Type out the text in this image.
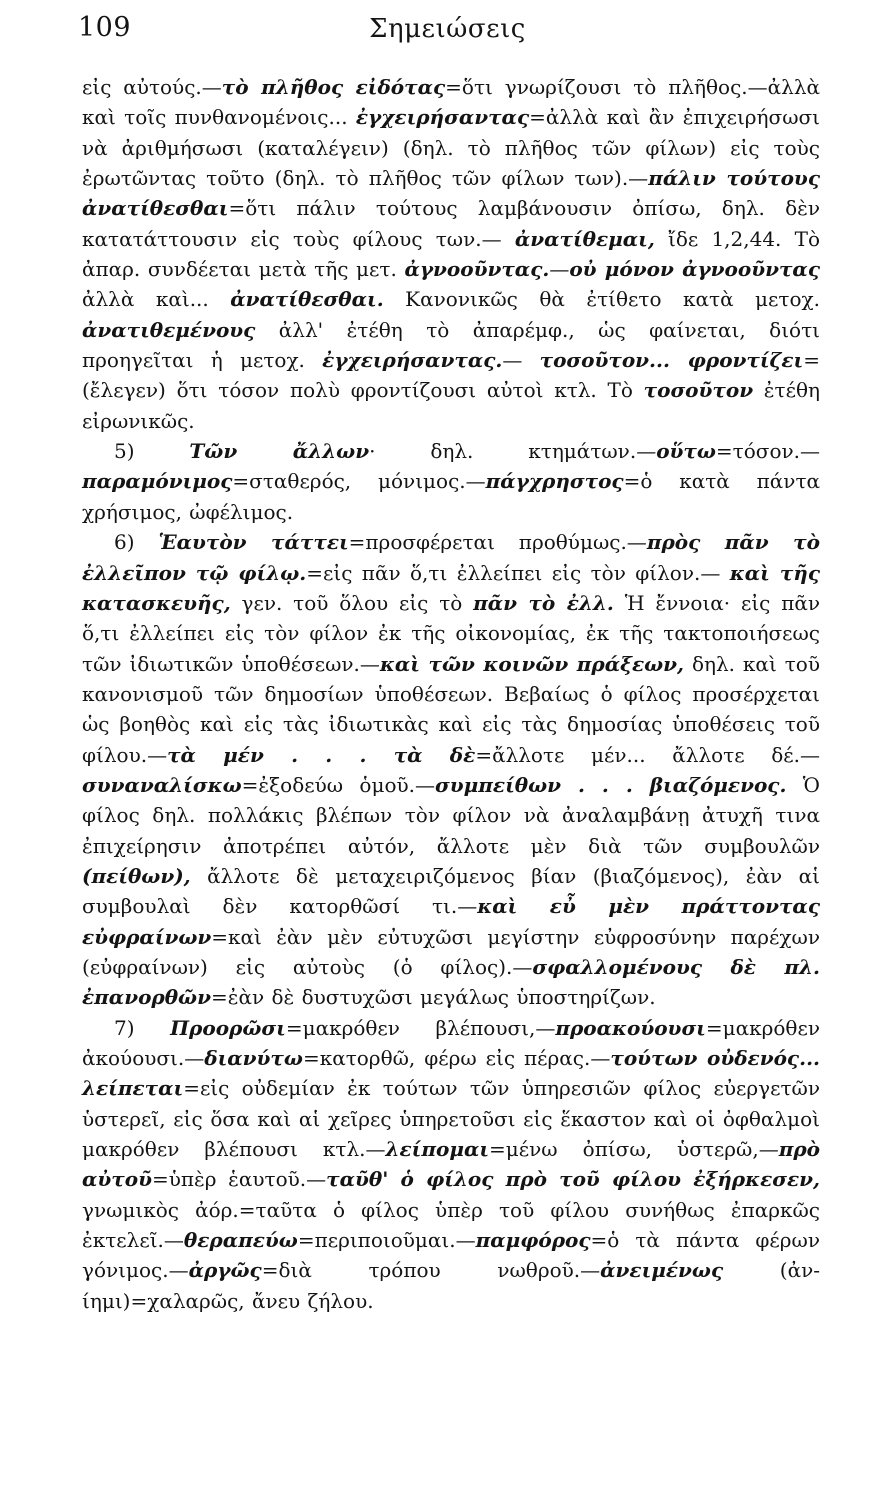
109	Σημειώσεις

εἰς αὐτούς.—τὸ πλῆθος εἰδότας=ὅτι γνωρίζουσι τὸ πλῆθος.—ἀλλὰ καὶ τοῖς πυνθανομένοις... ἐγχειρήσαντας=ἀλλὰ καὶ ἂν ἐπιχειρήσωσι νὰ ἀριθμήσωσι (καταλέγειν) (δηλ. τὸ πλῆθος τῶν φίλων) εἰς τοὺς ἐρωτῶντας τοῦτο (δηλ. τὸ πλῆθος τῶν φίλων των).—πάλιν τούτους ἀνατίθεσθαι=ὅτι πάλιν τούτους λαμβάνουσιν ὀπίσω, δηλ. δὲν κατατάττουσιν εἰς τοὺς φίλους των.— ἀνατίθεμαι, ἴδε 1,2,44. Τὸ ἀπαρ. συνδέεται μετὰ τῆς μετ. ἀγνοοῦντας.—οὐ μόνον ἀγνοοῦντας ἀλλὰ καὶ... ἀνατίθεσθαι. Κανονικῶς θὰ ἐτίθετο κατὰ μετοχ. ἀνατιθεμένους ἀλλ' ἐτέθη τὸ ἀπαρέμφ., ὡς φαίνεται, διότι προηγεῖται ἡ μετοχ. ἐγχειρήσαντας.— τοσοῦτον... φροντίζει=(ἔλεγεν) ὅτι τόσον πολὺ φροντίζουσι αὐτοὶ κτλ. Τὸ τοσοῦτον ἐτέθη εἰρωνικῶς.

5) Τῶν ἄλλων· δηλ. κτημάτων.—οὕτω=τόσον.— παραμόνιμος=σταθερός, μόνιμος.—πάγχρηστος=ὁ κατὰ πάντα χρήσιμος, ὠφέλιμος.

6) Ἑαυτὸν τάττει=προσφέρεται προθύμως.—πρὸς πᾶν τὸ ἐλλεῖπον τῷ φίλῳ.=εἰς πᾶν ὅ,τι ἐλλείπει εἰς τὸν φίλον.— καὶ τῆς κατασκευῆς, γεν. τοῦ ὅλου εἰς τὸ πᾶν τὸ ἐλλ. Ἡ ἔννοια· εἰς πᾶν ὅ,τι ἐλλείπει εἰς τὸν φίλον ἐκ τῆς οἰκονομίας, ἐκ τῆς τακτοποιήσεως τῶν ἰδιωτικῶν ὑποθέσεων.—καὶ τῶν κοινῶν πράξεων, δηλ. καὶ τοῦ κανονισμοῦ τῶν δημοσίων ὑποθέσεων. Βεβαίως ὁ φίλος προσέρχεται ὡς βοηθὸς καὶ εἰς τὰς ἰδιωτικὰς καὶ εἰς τὰς δημοσίας ὑποθέσεις τοῦ φίλου.—τὰ μέν . . . τὰ δὲ=ἄλλοτε μέν... ἄλλοτε δέ.—συναναλίσκω=ἐξοδεύω ὁμοῦ.—συμπείθων . . . βιαζόμενος. Ὁ φίλος δηλ. πολλάκις βλέπων τὸν φίλον νὰ ἀναλαμβάνῃ ἀτυχῆ τινα ἐπιχείρησιν ἀποτρέπει αὐτόν, ἄλλοτε μὲν διὰ τῶν συμβουλῶν (πείθων), ἄλλοτε δὲ μεταχειριζόμενος βίαν (βιαζόμενος), ἐὰν αἱ συμβουλαὶ δὲν κατορθῶσί τι.—καὶ εὖ μὲν πράττοντας εὐφραίνων=καὶ ἐὰν μὲν εὐτυχῶσι μεγίστην εὐφροσύνην παρέχων (εὐφραίνων) εἰς αὐτοὺς (ὁ φίλος).—σφαλλομένους δὲ πλ. ἐπανορθῶν=ἐὰν δὲ δυστυχῶσι μεγάλως ὑποστηρίζων.

7) Προορῶσι=μακρόθεν βλέπουσι,—προακούουσι=μακρόθεν ἀκούουσι.—διανύτω=κατορθῶ, φέρω εἰς πέρας.—τούτων οὐδενός... λείπεται=εἰς οὐδεμίαν ἐκ τούτων τῶν ὑπηρεσιῶν φίλος εὐεργετῶν ὑστερεῖ, εἰς ὅσα καὶ αἱ χεῖρες ὑπηρετοῦσι εἰς ἕκαστον καὶ οἱ ὀφθαλμοὶ μακρόθεν βλέπουσι κτλ.—λείπομαι=μένω ὀπίσω, ὑστερῶ,—πρὸ αὐτοῦ=ὑπὲρ ἑαυτοῦ.—ταῦθ' ὁ φίλος πρὸ τοῦ φίλου ἐξήρκεσεν, γνωμικὸς ἀόρ.=ταῦτα ὁ φίλος ὑπὲρ τοῦ φίλου συνήθως ἐπαρκῶς ἐκτελεῖ.—θεραπεύω=περιποιοῦμαι.—παμφόρος=ὁ τὰ πάντα φέρων γόνιμος.—ἀργῶς=διὰ τρόπου νωθροῦ.—ἀνειμένως (ἀν-ίημι)=χαλαρῶς, ἄνευ ζήλου.
